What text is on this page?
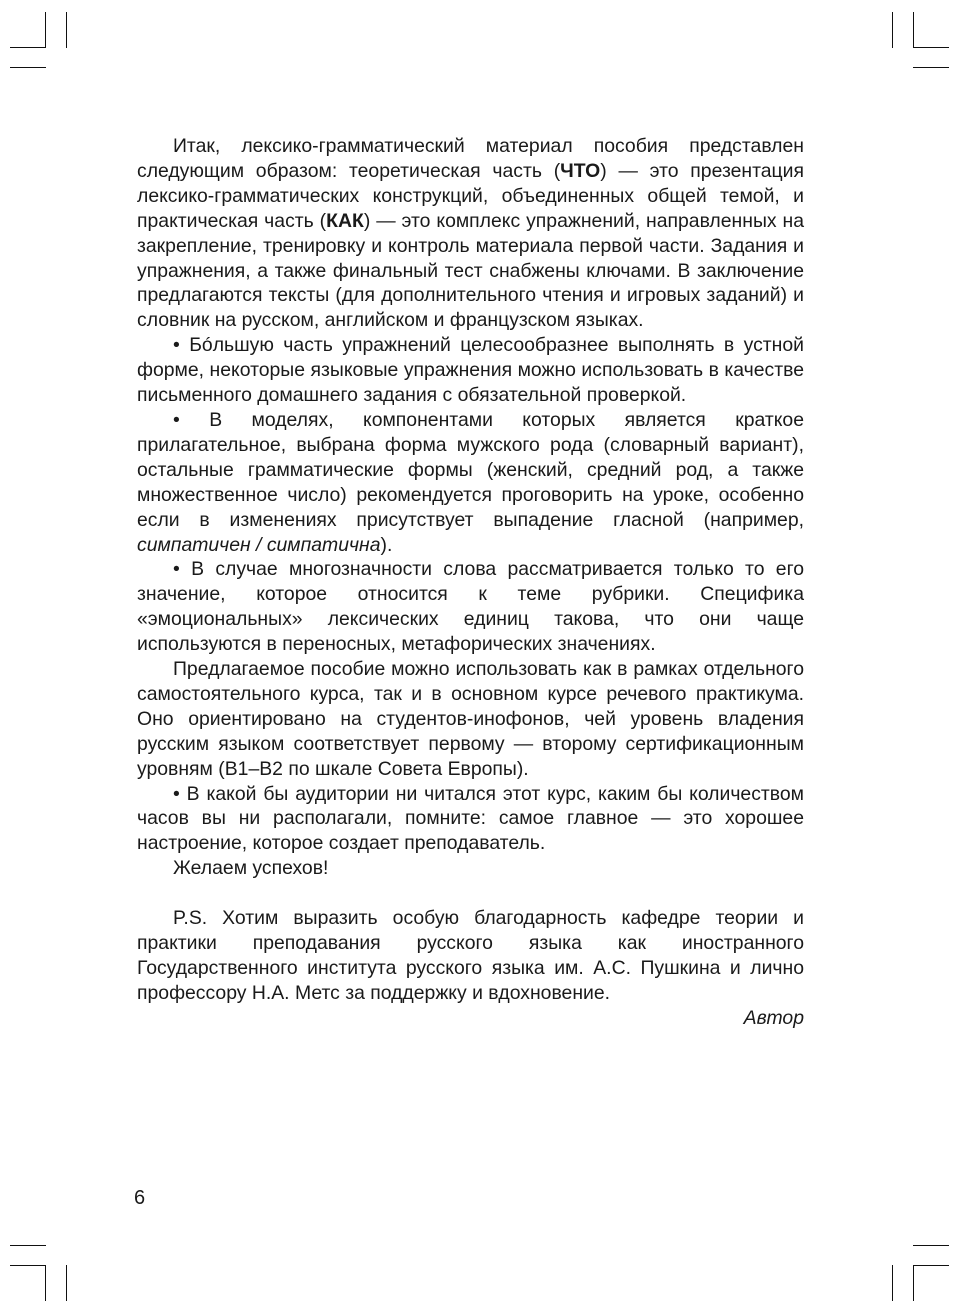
Итак, лексико-грамматический материал пособия представлен следующим образом: теоретическая часть (ЧТО) — это презентация лексико-грамматических конструкций, объединенных общей темой, и практическая часть (КАК) — это комплекс упражнений, направленных на закрепление, тренировку и контроль материала первой части. Задания и упражнения, а также финальный тест снабжены ключами. В заключение предлагаются тексты (для дополнительного чтения и игровых заданий) и словник на русском, английском и французском языках.

• Бóльшую часть упражнений целесообразнее выполнять в устной форме, некоторые языковые упражнения можно использовать в качестве письменного домашнего задания с обязательной проверкой.

• В моделях, компонентами которых является краткое прилагательное, выбрана форма мужского рода (словарный вариант), остальные грамматические формы (женский, средний род, а также множественное число) рекомендуется проговорить на уроке, особенно если в изменениях присутствует выпадение гласной (например, симпатичен / симпатична).

• В случае многозначности слова рассматривается только то его значение, которое относится к теме рубрики. Специфика «эмоциональных» лексических единиц такова, что они чаще используются в переносных, метафорических значениях.

Предлагаемое пособие можно использовать как в рамках отдельного самостоятельного курса, так и в основном курсе речевого практикума. Оно ориентировано на студентов-инофонов, чей уровень владения русским языком соответствует первому — второму сертификационным уровням (B1–B2 по шкале Совета Европы).

• В какой бы аудитории ни читался этот курс, каким бы количеством часов вы ни располагали, помните: самое главное — это хорошее настроение, которое создает преподаватель.

Желаем успехов!

P.S. Хотим выразить особую благодарность кафедре теории и практики преподавания русского языка как иностранного Государственного института русского языка им. А.С. Пушкина и лично профессору Н.А. Метс за поддержку и вдохновение.

Автор

6
